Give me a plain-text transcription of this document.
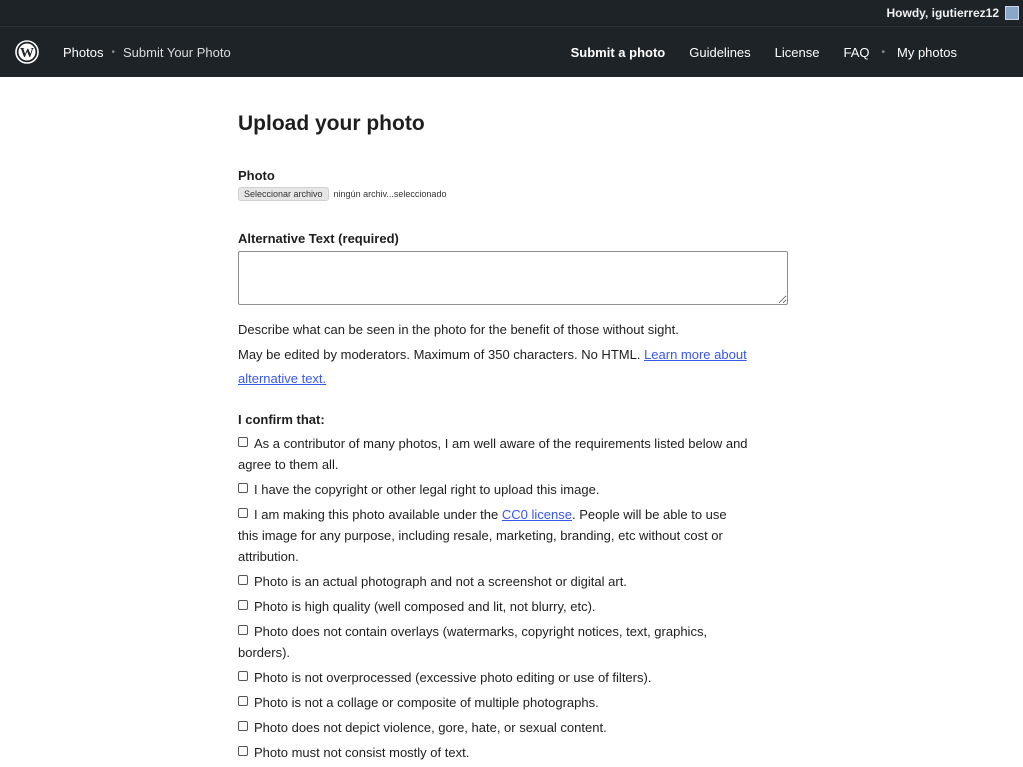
Howdy, igutierrez12
W Photos • Submit Your Photo	Submit a photo Guidelines License FAQ • My photos
Upload your photo

Photo

Seleccionar archivo	ningún archiv...seleccionado

Alternative Text (required)

Describe what can be seen in the photo for the benefit of those without sight.
May be edited by moderators. Maximum of 350 characters. No HTML. Learn more about alternative text.

I confirm that:

As a contributor of many photos, I am well aware of the requirements listed below and agree to them all.
I have the copyright or other legal right to upload this image.
I am making this photo available under the CC0 license. People will be able to use this image for any purpose, including resale, marketing, branding, etc without cost or attribution.
Photo is an actual photograph and not a screenshot or digital art.
Photo is high quality (well composed and lit, not blurry, etc).
Photo does not contain overlays (watermarks, copyright notices, text, graphics, borders).
Photo is not overprocessed (excessive photo editing or use of filters).
Photo is not a collage or composite of multiple photographs.
Photo does not depict violence, gore, hate, or sexual content.
Photo must not consist mostly of text.
